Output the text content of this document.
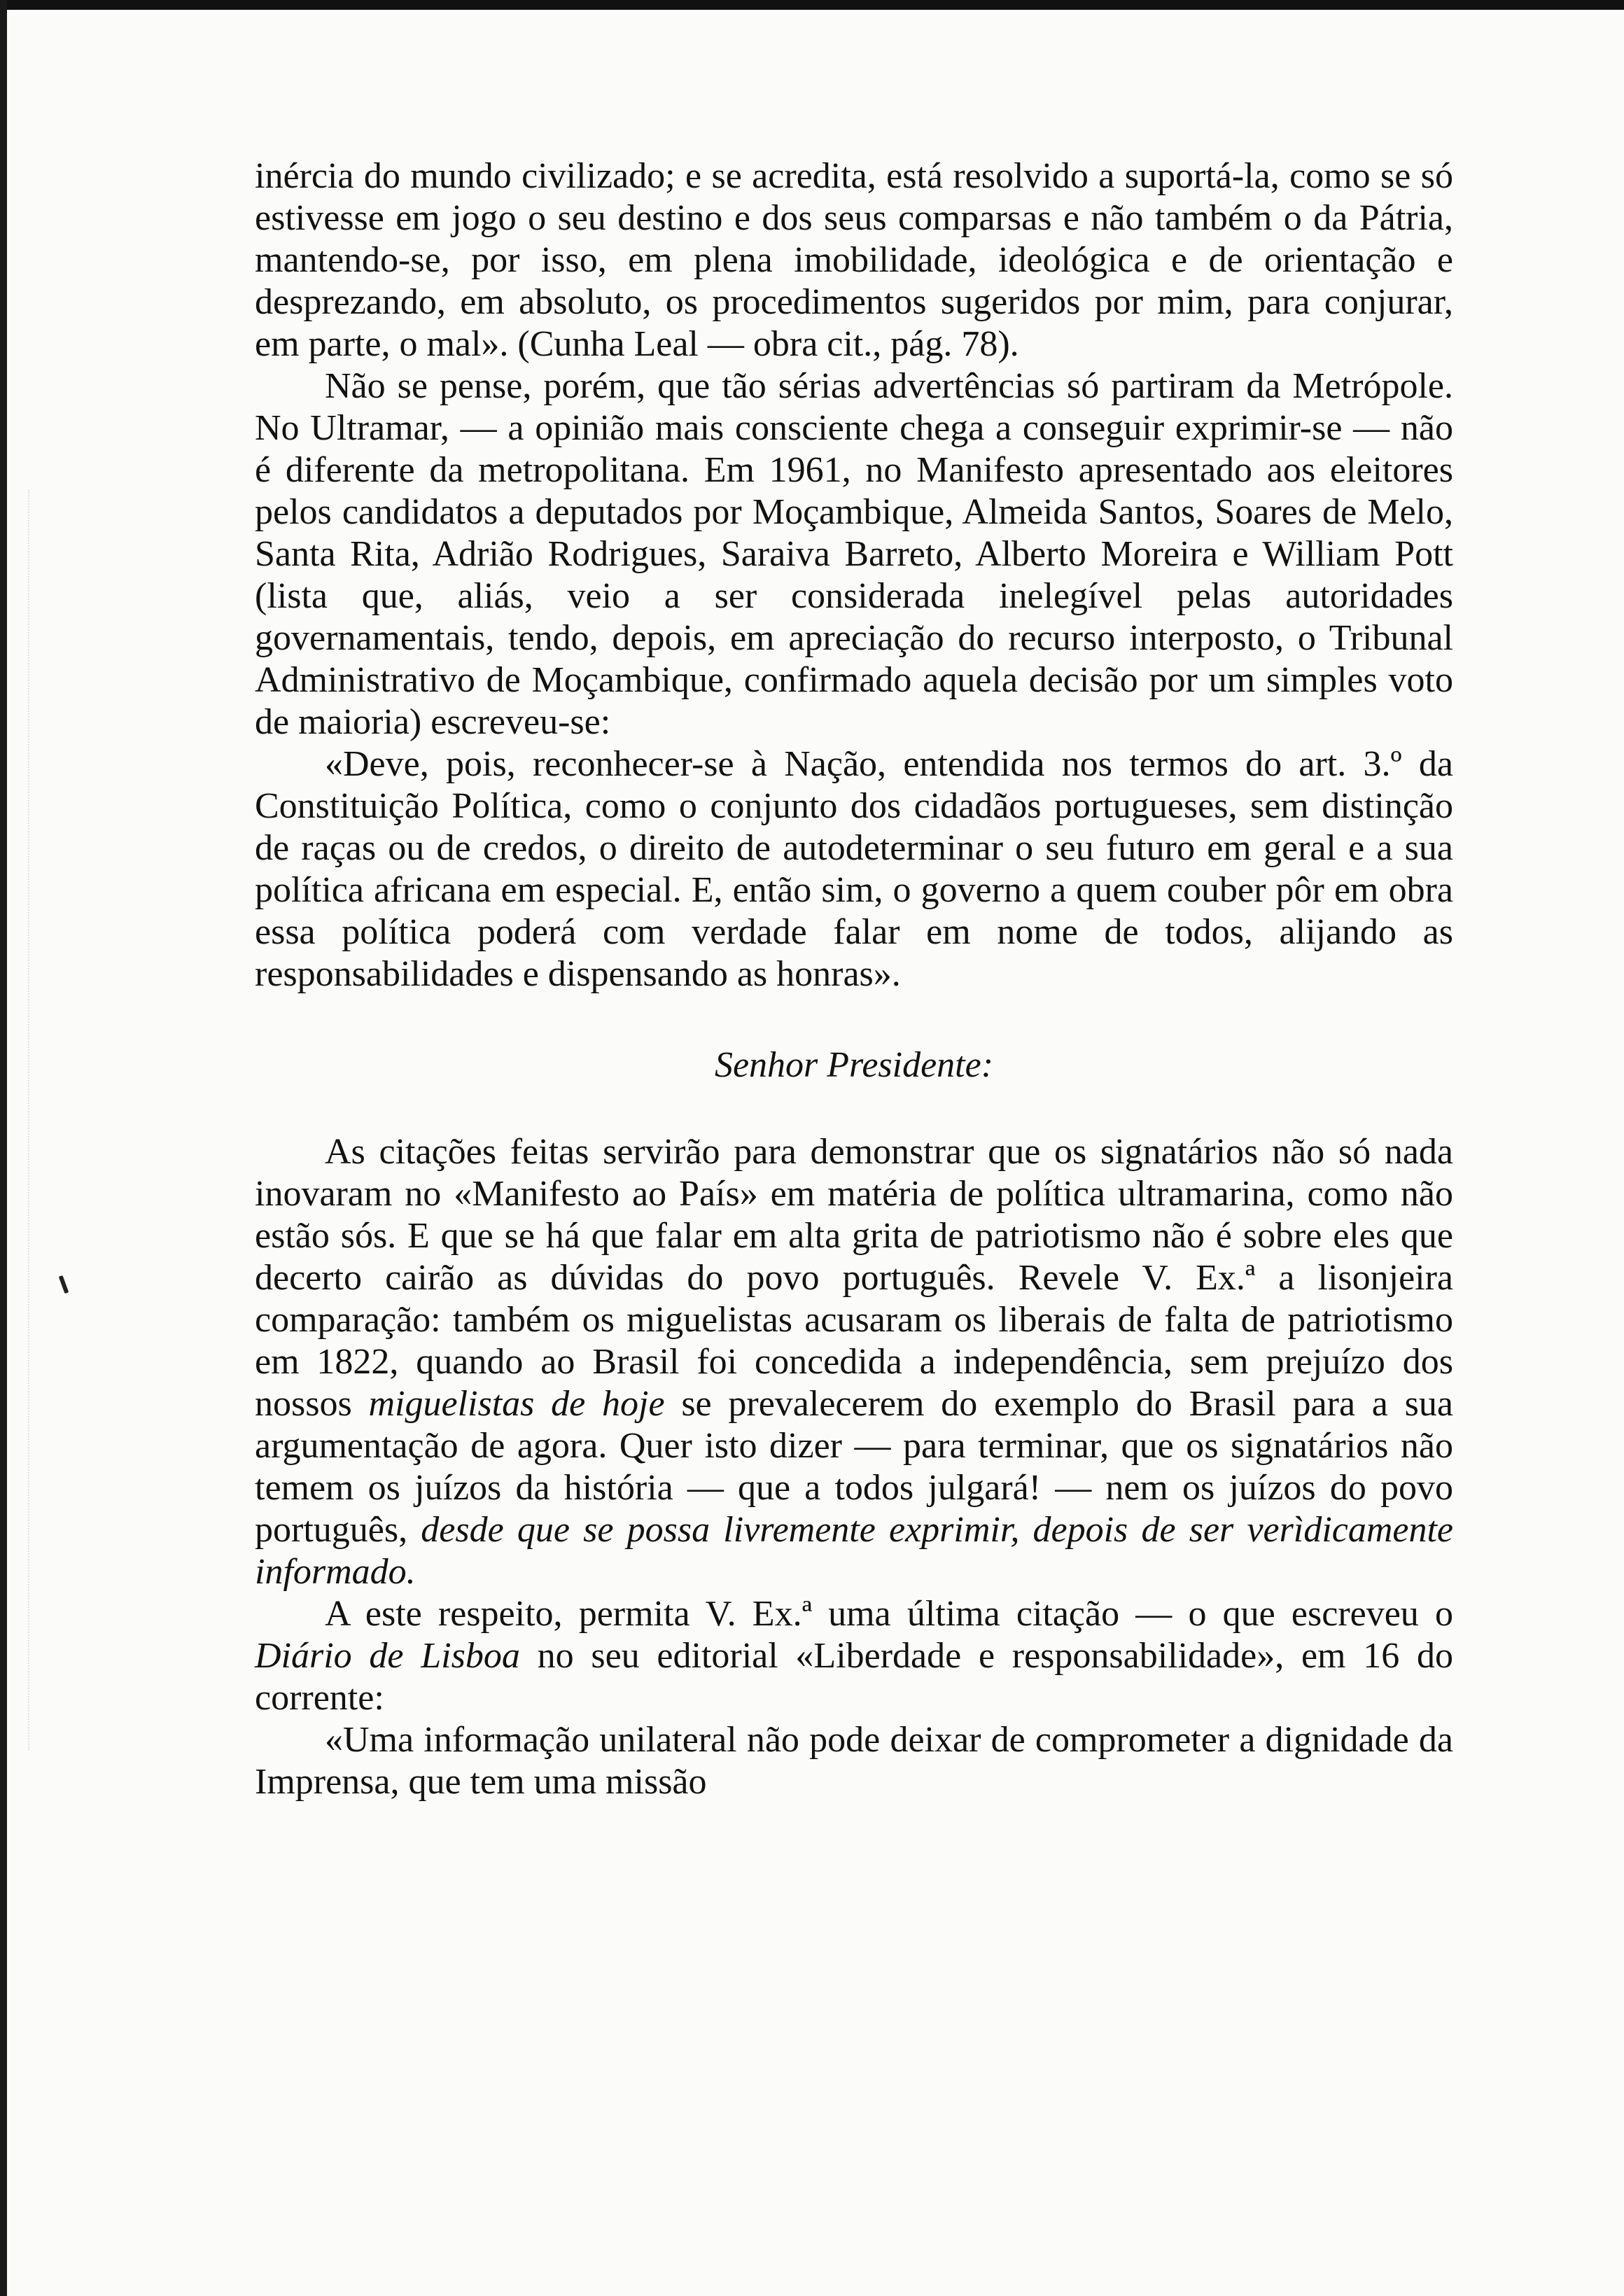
inércia do mundo civilizado; e se acredita, está resolvido a suportá-la, como se só estivesse em jogo o seu destino e dos seus comparsas e não também o da Pátria, mantendo-se, por isso, em plena imobilidade, ideológica e de orientação e desprezando, em absoluto, os procedimentos sugeridos por mim, para conjurar, em parte, o mal». (Cunha Leal — obra cit., pág. 78).

Não se pense, porém, que tão sérias advertências só partiram da Metrópole. No Ultramar, — a opinião mais consciente chega a conseguir exprimir-se — não é diferente da metropolitana. Em 1961, no Manifesto apresentado aos eleitores pelos candidatos a deputados por Moçambique, Almeida Santos, Soares de Melo, Santa Rita, Adrião Rodrigues, Saraiva Barreto, Alberto Moreira e William Pott (lista que, aliás, veio a ser considerada inelegível pelas autoridades governamentais, tendo, depois, em apreciação do recurso interposto, o Tribunal Administrativo de Moçambique, confirmado aquela decisão por um simples voto de maioria) escreveu-se:

«Deve, pois, reconhecer-se à Nação, entendida nos termos do art. 3.º da Constituição Política, como o conjunto dos cidadãos portugueses, sem distinção de raças ou de credos, o direito de autodeterminar o seu futuro em geral e a sua política africana em especial. E, então sim, o governo a quem couber pôr em obra essa política poderá com verdade falar em nome de todos, alijando as responsabilidades e dispensando as honras».

Senhor Presidente:

As citações feitas servirão para demonstrar que os signatários não só nada inovaram no «Manifesto ao País» em matéria de política ultramarina, como não estão sós. E que se há que falar em alta grita de patriotismo não é sobre eles que decerto cairão as dúvidas do povo português. Revele V. Ex.ª a lisonjeira comparação: também os miguelistas acusaram os liberais de falta de patriotismo em 1822, quando ao Brasil foi concedida a independência, sem prejuízo dos nossos miguelistas de hoje se prevalecerem do exemplo do Brasil para a sua argumentação de agora. Quer isto dizer — para terminar, que os signatários não temem os juízos da história — que a todos julgará! — nem os juízos do povo português, desde que se possa livremente exprimir, depois de ser verìdicamente informado.

A este respeito, permita V. Ex.ª uma última citação — o que escreveu o Diário de Lisboa no seu editorial «Liberdade e responsabilidade», em 16 do corrente:

«Uma informação unilateral não pode deixar de comprometer a dignidade da Imprensa, que tem uma missão
